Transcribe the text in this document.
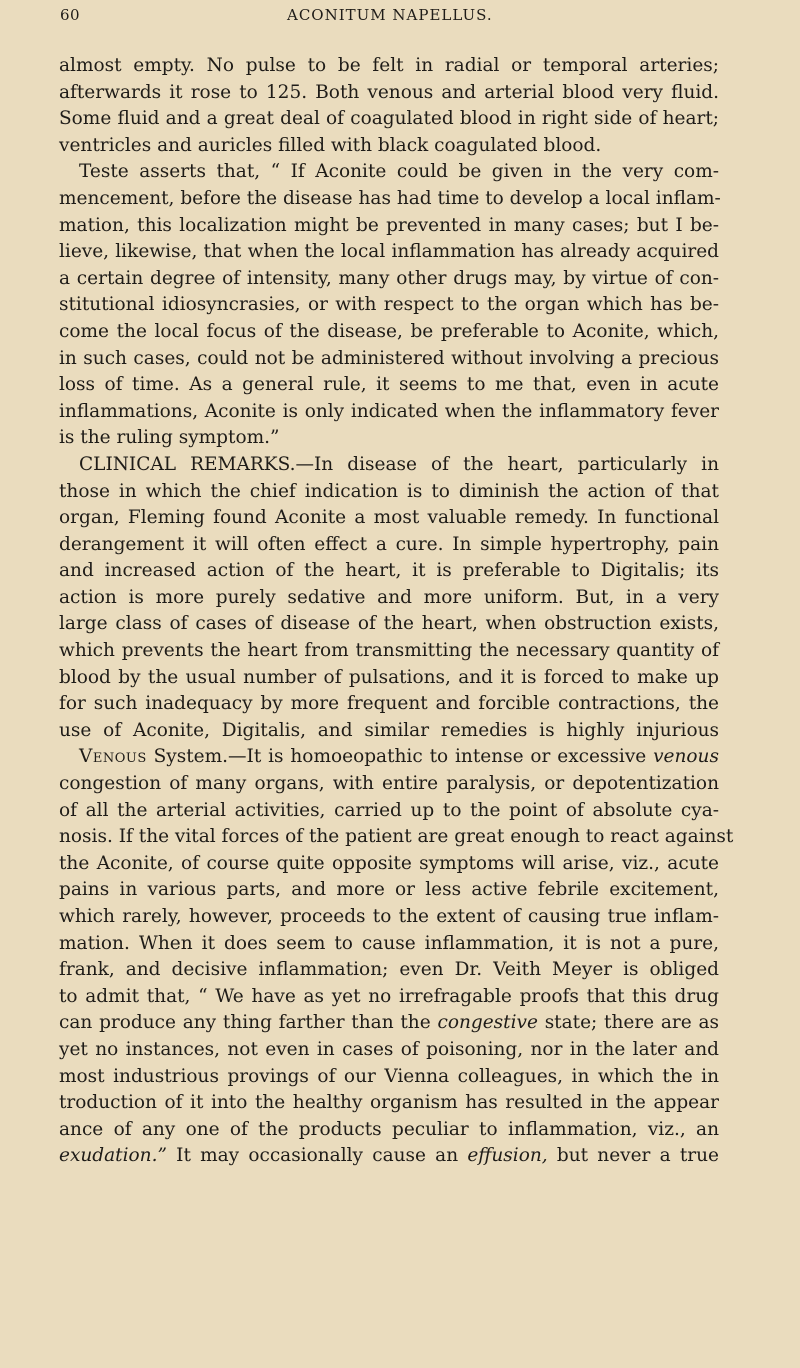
60	ACONITUM NAPELLUS.
almost empty. No pulse to be felt in radial or temporal arteries;
afterwards it rose to 125. Both venous and arterial blood very fluid.
Some fluid and a great deal of coagulated blood in right side of heart;
ventricles and auricles filled with black coagulated blood.
Teste asserts that, “ If Aconite could be given in the very com-
mencement, before the disease has had time to develop a local inflam-
mation, this localization might be prevented in many cases; but I be-
lieve, likewise, that when the local inflammation has already acquired
a certain degree of intensity, many other drugs may, by virtue of con-
stitutional idiosyncrasies, or with respect to the organ which has be-
come the local focus of the disease, be preferable to Aconite, which,
in such cases, could not be administered without involving a precious
loss of time. As a general rule, it seems to me that, even in acute
inflammations, Aconite is only indicated when the inflammatory fever
is the ruling symptom.”
CLINICAL REMARKS.—In disease of the heart, particularly in
those in which the chief indication is to diminish the action of that
organ, Fleming found Aconite a most valuable remedy. In functional
derangement it will often effect a cure. In simple hypertrophy, pain
and increased action of the heart, it is preferable to Digitalis; its
action is more purely sedative and more uniform. But, in a very
large class of cases of disease of the heart, when obstruction exists,
which prevents the heart from transmitting the necessary quantity of
blood by the usual number of pulsations, and it is forced to make up
for such inadequacy by more frequent and forcible contractions, the
use of Aconite, Digitalis, and similar remedies is highly injurious
Venous System.—It is homoeopathic to intense or excessive venous
congestion of many organs, with entire paralysis, or depotentization
of all the arterial activities, carried up to the point of absolute cya-
nosis. If the vital forces of the patient are great enough to react against
the Aconite, of course quite opposite symptoms will arise, viz., acute
pains in various parts, and more or less active febrile excitement,
which rarely, however, proceeds to the extent of causing true inflam-
mation. When it does seem to cause inflammation, it is not a pure,
frank, and decisive inflammation; even Dr. Veith Meyer is obliged
to admit that, “ We have as yet no irrefragable proofs that this drug
can produce any thing farther than the congestive state; there are as
yet no instances, not even in cases of poisoning, nor in the later and
most industrious provings of our Vienna colleagues, in which the in
troduction of it into the healthy organism has resulted in the appear
ance of any one of the products peculiar to inflammation, viz., an
exudation.” It may occasionally cause an effusion, but never a true
